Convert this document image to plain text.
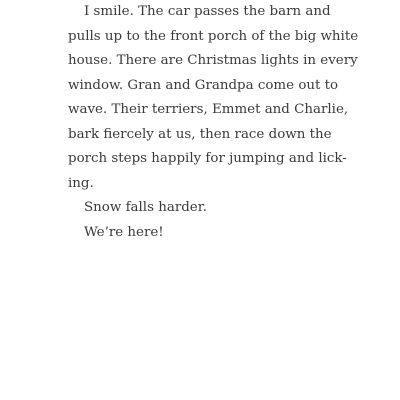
I smile. The car passes the barn and
pulls up to the front porch of the big white
house. There are Christmas lights in every
window. Gran and Grandpa come out to
wave. Their terriers, Emmet and Charlie,
bark fiercely at us, then race down the
porch steps happily for jumping and lick-
ing.
Snow falls harder.
We’re here!
